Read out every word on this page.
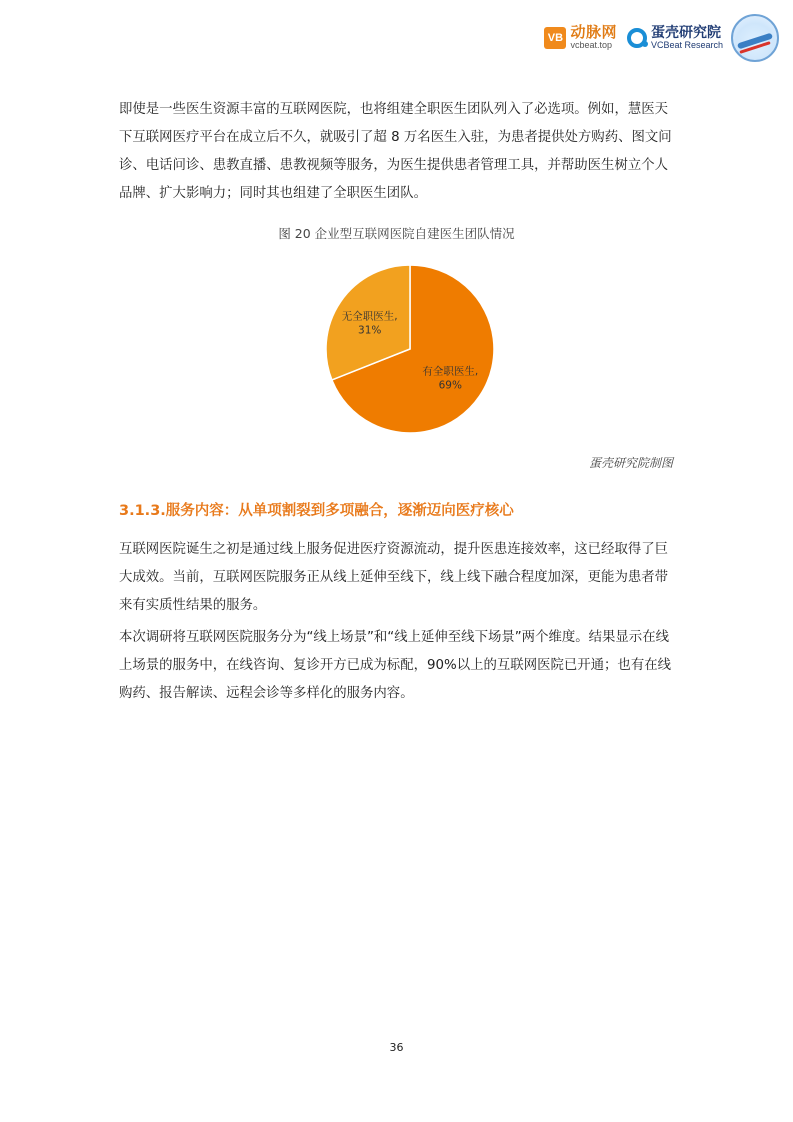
VB 动脉网
vcbeat.top
蛋壳研究院
VCBeat Research

即使是一些医生资源丰富的互联网医院，也将组建全职医生团队列入了必选项。例如，慧医天下互联网医疗平台在成立后不久，就吸引了超 8 万名医生入驻，为患者提供处方购药、图文问诊、电话问诊、患教直播、患教视频等服务，为医生提供患者管理工具，并帮助医生树立个人品牌、扩大影响力；同时其也组建了全职医生团队。

图 20 企业型互联网医院自建医生团队情况
有全职医生,
69%
无全职医生,
31%
蛋壳研究院制图
3.1.3.服务内容：从单项割裂到多项融合，逐渐迈向医疗核心

互联网医院诞生之初是通过线上服务促进医疗资源流动，提升医患连接效率，这已经取得了巨大成效。当前，互联网医院服务正从线上延伸至线下，线上线下融合程度加深，更能为患者带来有实质性结果的服务。

本次调研将互联网医院服务分为“线上场景”和“线上延伸至线下场景”两个维度。结果显示在线上场景的服务中，在线咨询、复诊开方已成为标配，90%以上的互联网医院已开通；也有在线购药、报告解读、远程会诊等多样化的服务内容。

36
